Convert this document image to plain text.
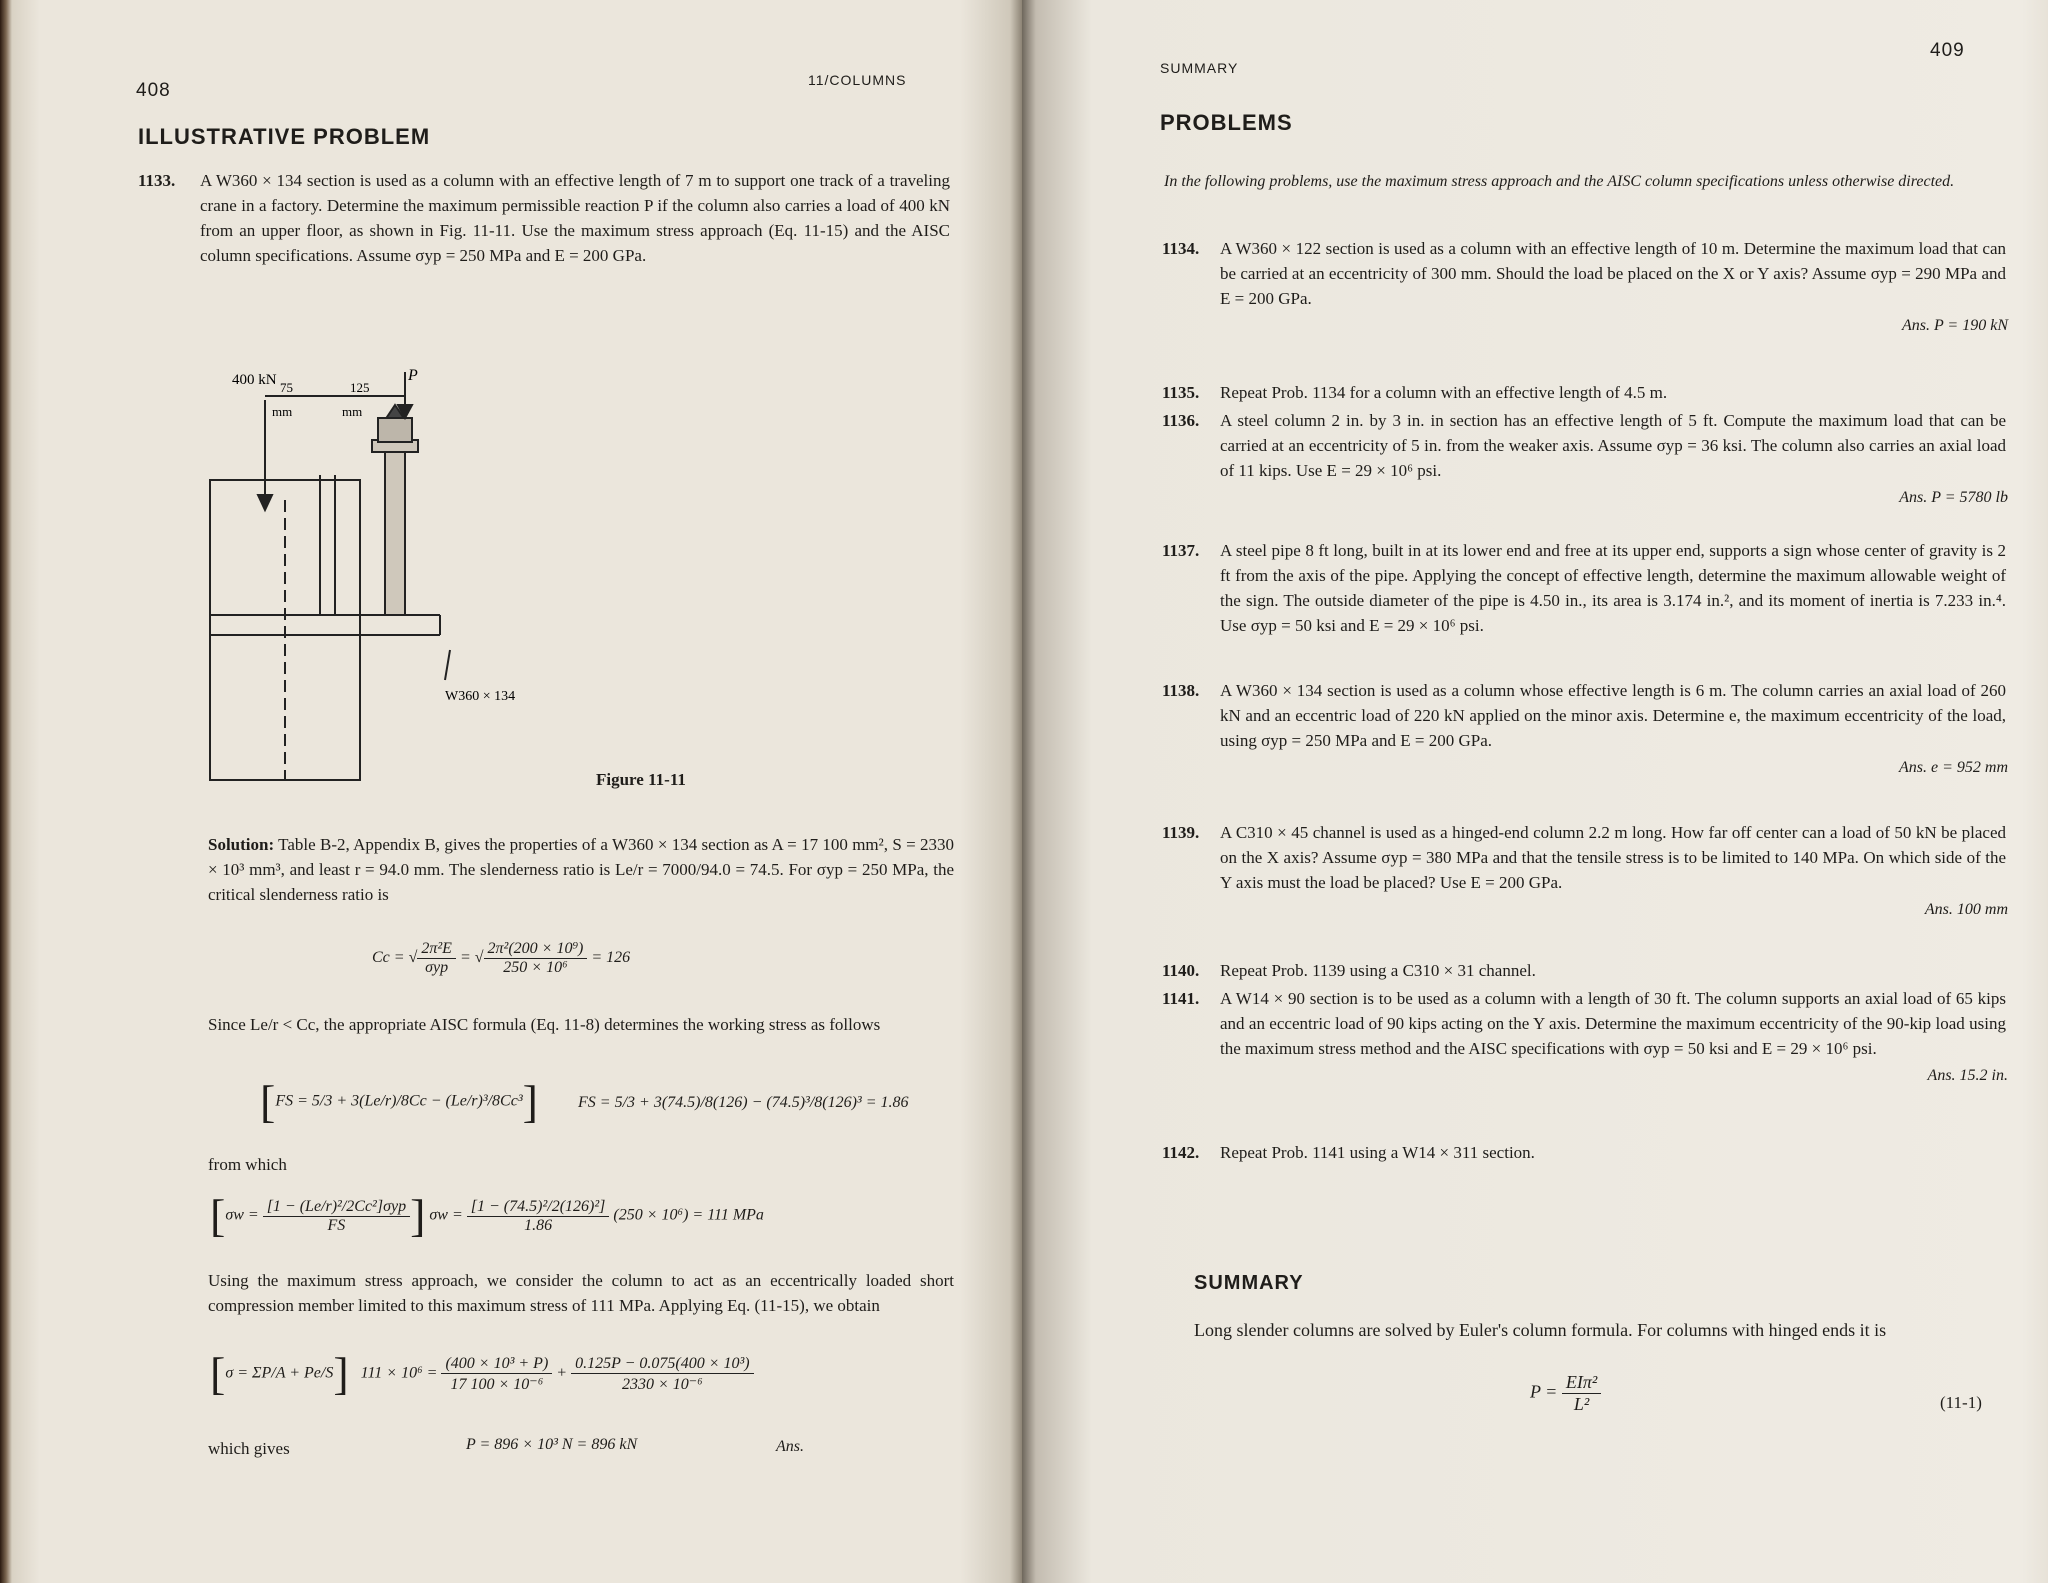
408	11/COLUMNS
ILLUSTRATIVE PROBLEM
1133. A W360 × 134 section is used as a column with an effective length of 7 m to support one track of a traveling crane in a factory. Determine the maximum permissible reaction P if the column also carries a load of 400 kN from an upper floor, as shown in Fig. 11-11. Use the maximum stress approach (Eq. 11-15) and the AISC column specifications. Assume σyp = 250 MPa and E = 200 GPa.
400 kN	P
75	125
mm	mm
W360 × 134
Figure 11-11
Solution: Table B-2, Appendix B, gives the properties of a W360 × 134 section as A = 17 100 mm², S = 2330 × 10³ mm³, and least r = 94.0 mm. The slenderness ratio is Le/r = 7000/94.0 = 74.5. For σyp = 250 MPa, the critical slenderness ratio is
Cc = √ $\frac{\text{2π²E}}{\text{σyp}}$ = √ $\frac{\text{2π²(200 × 10⁹)}}{\text{250 × 10⁶}} = 126$
Since Le/r < Cc, the appropriate AISC formula (Eq. 11-8) determines the working stress as follows
[FS = 5/3 + 3(Le/r)/8Cc − (Le/r)³/8Cc³]	FS = 5/3 + 3(74.5)/8(126) − (74.5)³/8(126)³ = 1.86
from which
[$\sigma w = \frac{\text{[1 − (Le/r)²/2Cc²]σyp}}{FS}$ ] $\sigma w = \frac{\text{[1 − (74.5)²/2(126)²]}}{1.86} (250 \times 10^6) = 111$ MPa
Using the maximum stress approach, we consider the column to act as an eccentrically loaded short compression member limited to this maximum stress of 111 MPa. Applying Eq. (11-15), we obtain
[σ = ΣP/A + Pe/S] $111 \times 10^6 = \frac{\text{(400 × 10³ + P)}}{\text{17 100 × 10⁻⁶}} + \frac{\text{0.125P − 0.075(400 × 10³)}}{\text{2330 × 10⁻⁶}}$
which gives	P = 896 × 10³ N = 896 kN	Ans.
SUMMARY
409
PROBLEMS
In the following problems, use the maximum stress approach and the AISC column specifications unless otherwise directed.
1134. A W360 × 122 section is used as a column with an effective length of 10 m. Determine the maximum load that can be carried at an eccentricity of 300 mm. Should the load be placed on the X or Y axis? Assume σyp = 290 MPa and E = 200 GPa.
Ans. P = 190 kN
1135. Repeat Prob. 1134 for a column with an effective length of 4.5 m.
1136. A steel column 2 in. by 3 in. in section has an effective length of 5 ft. Compute the maximum load that can be carried at an eccentricity of 5 in. from the weaker axis. Assume σyp = 36 ksi. The column also carries an axial load of 11 kips. Use E = 29 × 10⁶ psi.
Ans. P = 5780 lb
1137. A steel pipe 8 ft long, built in at its lower end and free at its upper end, supports a sign whose center of gravity is 2 ft from the axis of the pipe. Applying the concept of effective length, determine the maximum allowable weight of the sign. The outside diameter of the pipe is 4.50 in., its area is 3.174 in.², and its moment of inertia is 7.233 in.⁴. Use σyp = 50 ksi and E = 29 × 10⁶ psi.
1138. A W360 × 134 section is used as a column whose effective length is 6 m. The column carries an axial load of 260 kN and an eccentric load of 220 kN applied on the minor axis. Determine e, the maximum eccentricity of the load, using σyp = 250 MPa and E = 200 GPa.
Ans. e = 952 mm
1139. A C310 × 45 channel is used as a hinged-end column 2.2 m long. How far off center can a load of 50 kN be placed on the X axis? Assume σyp = 380 MPa and that the tensile stress is to be limited to 140 MPa. On which side of the Y axis must the load be placed? Use E = 200 GPa.
Ans. 100 mm
1140. Repeat Prob. 1139 using a C310 × 31 channel.
1141. A W14 × 90 section is to be used as a column with a length of 30 ft. The column supports an axial load of 65 kips and an eccentric load of 90 kips acting on the Y axis. Determine the maximum eccentricity of the 90-kip load using the maximum stress method and the AISC specifications with σyp = 50 ksi and E = 29 × 10⁶ psi.
Ans. 15.2 in.
1142. Repeat Prob. 1141 using a W14 × 311 section.
SUMMARY
Long slender columns are solved by Euler's column formula. For columns with hinged ends it is
$P = \frac{\text{EIπ²}}{\text{L²}}$	(11-1)
